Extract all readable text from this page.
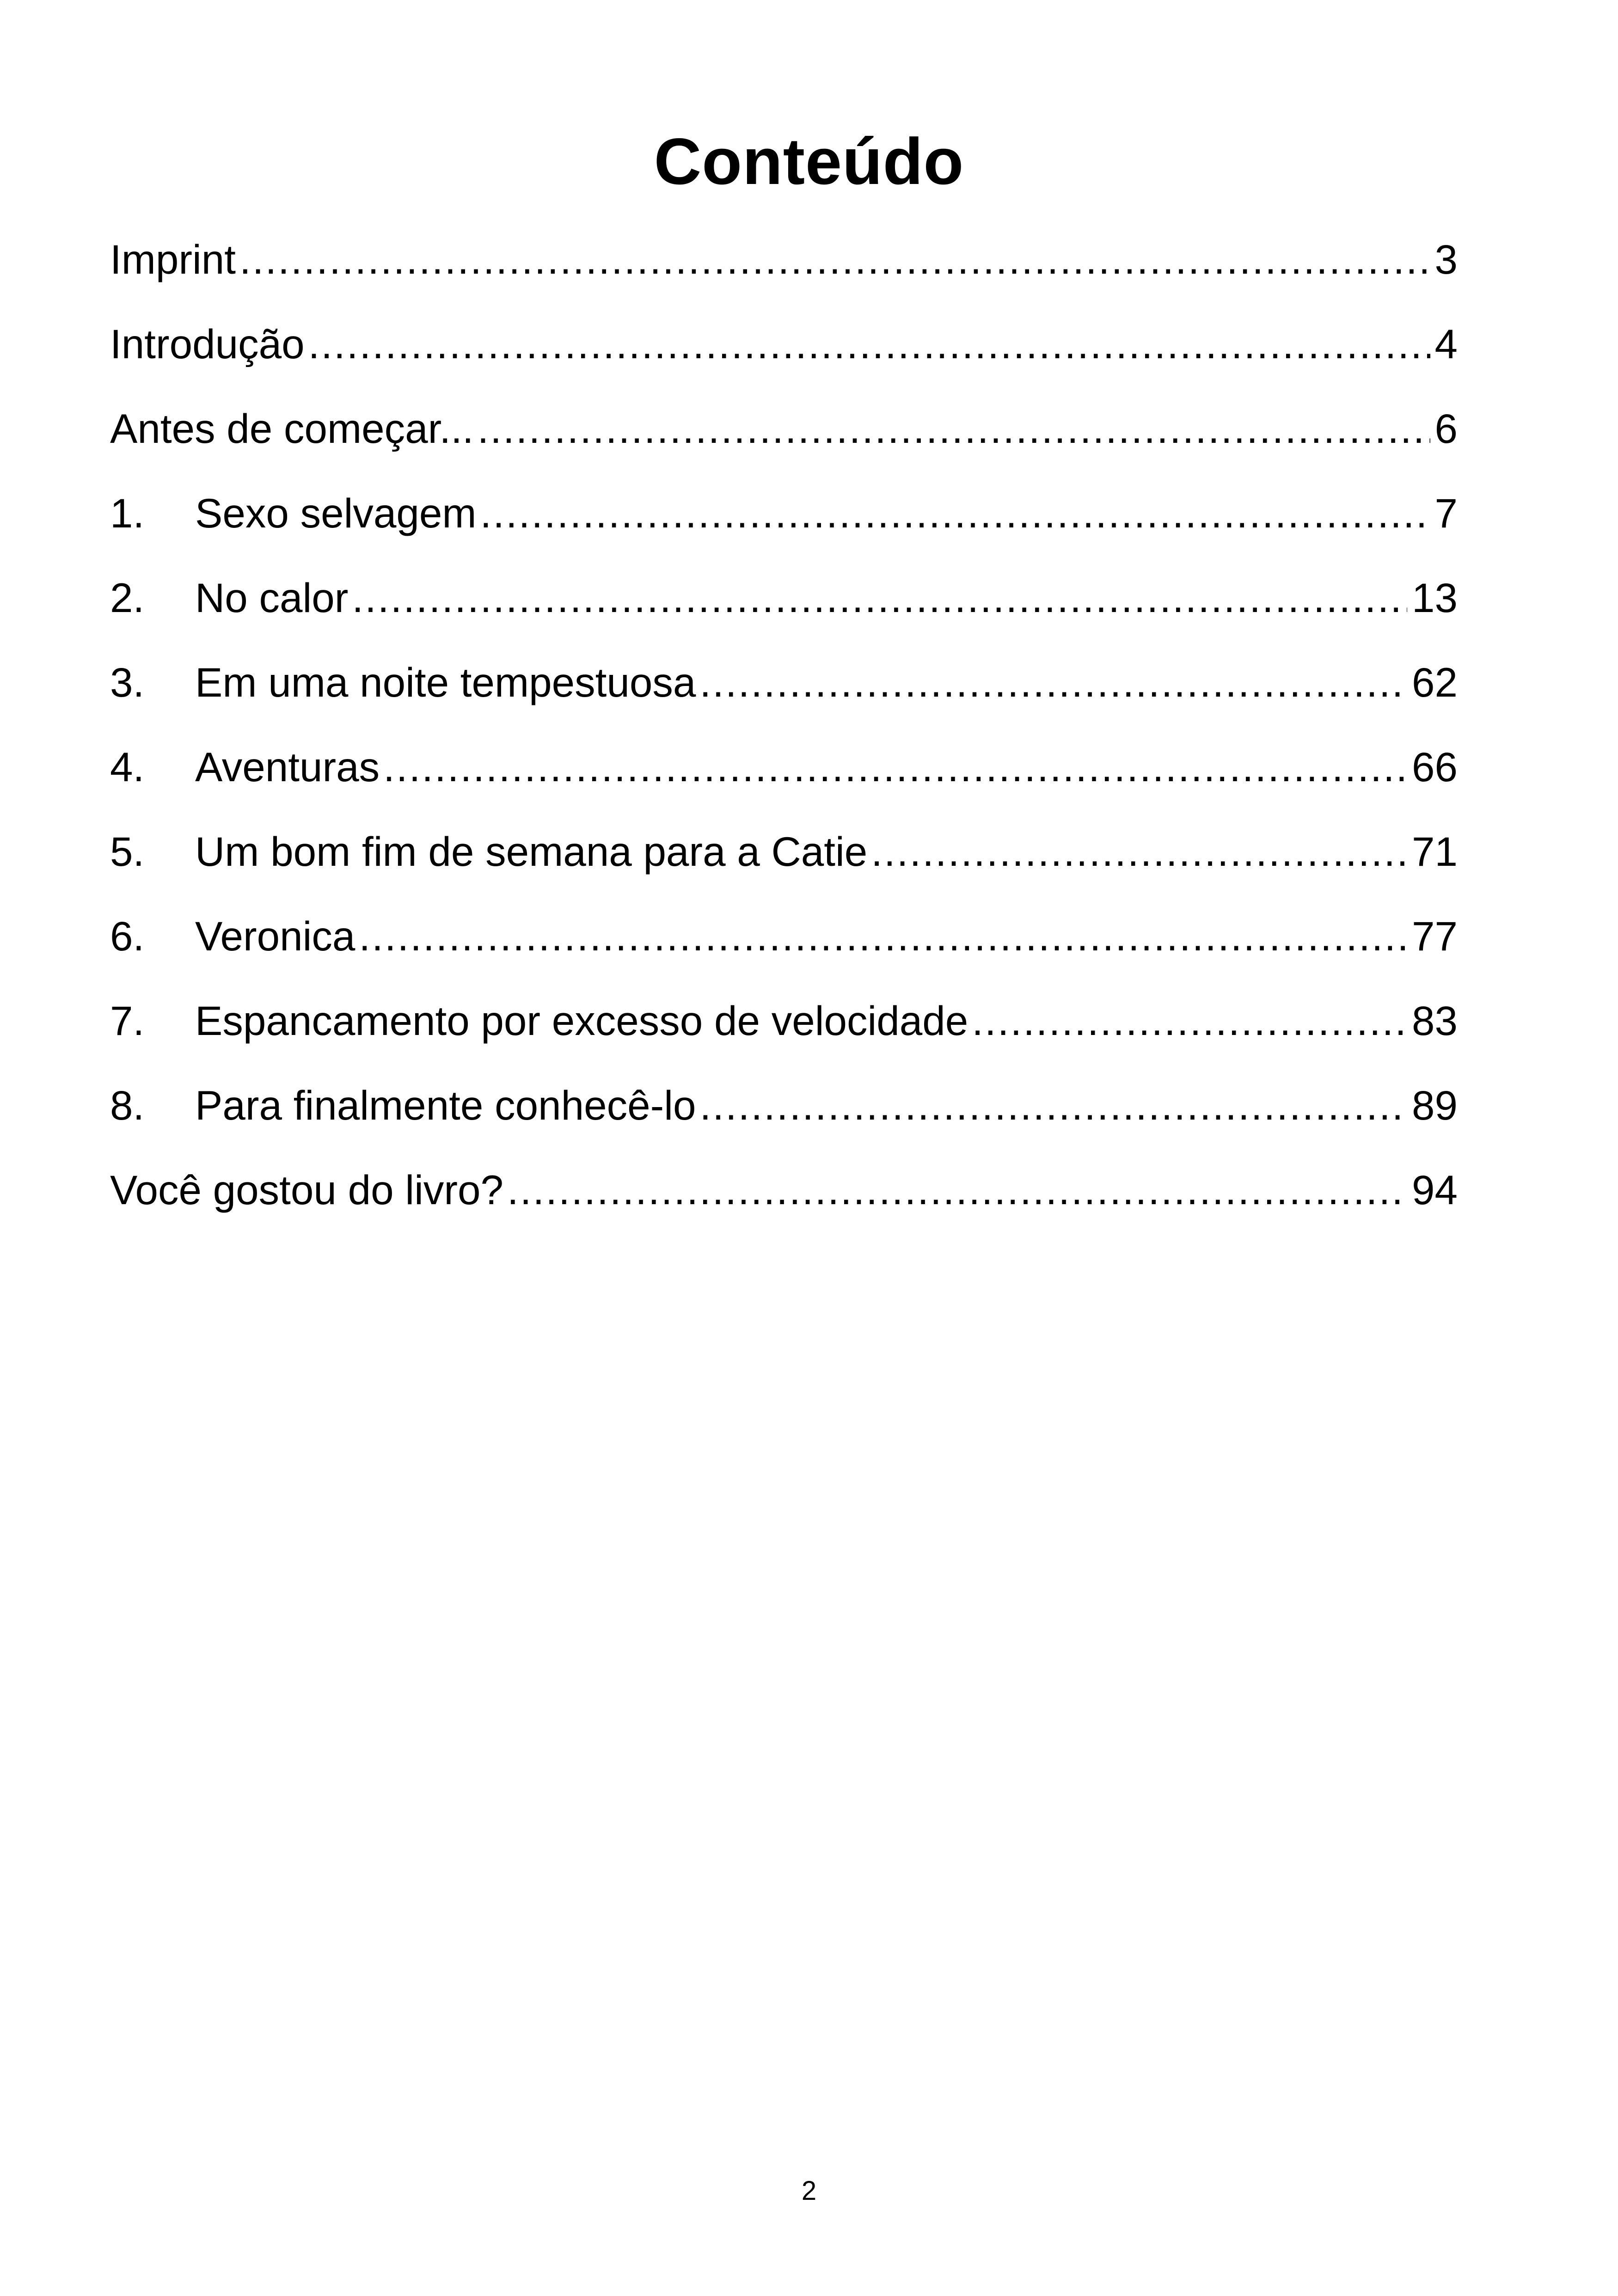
Conteúdo
Imprint .....	3
Introdução .....	4
Antes de começar... .....	6
1.	Sexo selvagem .....	7
2.	No calor .....	13
3.	Em uma noite tempestuosa .....	62
4.	Aventuras .....	66
5.	Um bom fim de semana para a Catie .....	71
6.	Veronica .....	77
7.	Espancamento por excesso de velocidade .....	83
8.	Para finalmente conhecê-lo .....	89
Você gostou do livro? .....	94
2
